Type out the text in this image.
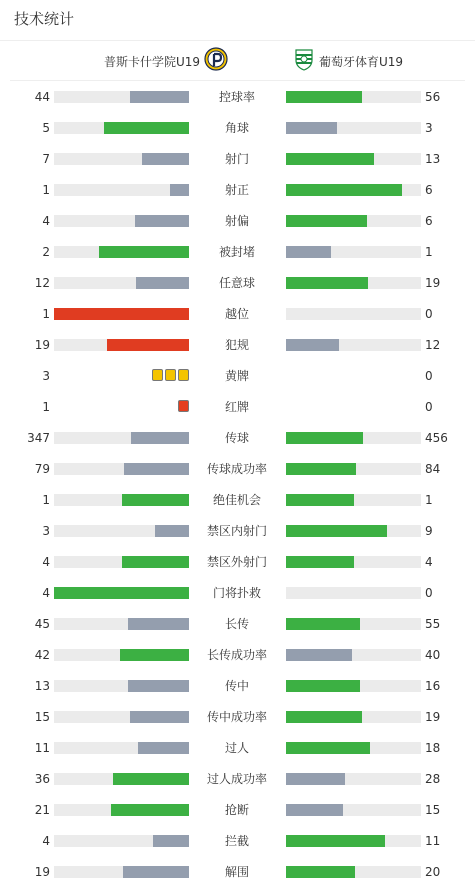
技术统计
普斯卡什学院U19	葡萄牙体育U19
44	控球率	56
5	角球	3
7	射门	13
1	射正	6
4	射偏	6
2	被封堵	1
12	任意球	19
1	越位	0
19	犯规	12
3	黄牌	0
1	红牌	0
347	传球	456
79	传球成功率	84
1	绝佳机会	1
3	禁区内射门	9
4	禁区外射门	4
4	门将扑救	0
45	长传	55
42	长传成功率	40
13	传中	16
15	传中成功率	19
11	过人	18
36	过人成功率	28
21	抢断	15
4	拦截	11
19	解围	20
